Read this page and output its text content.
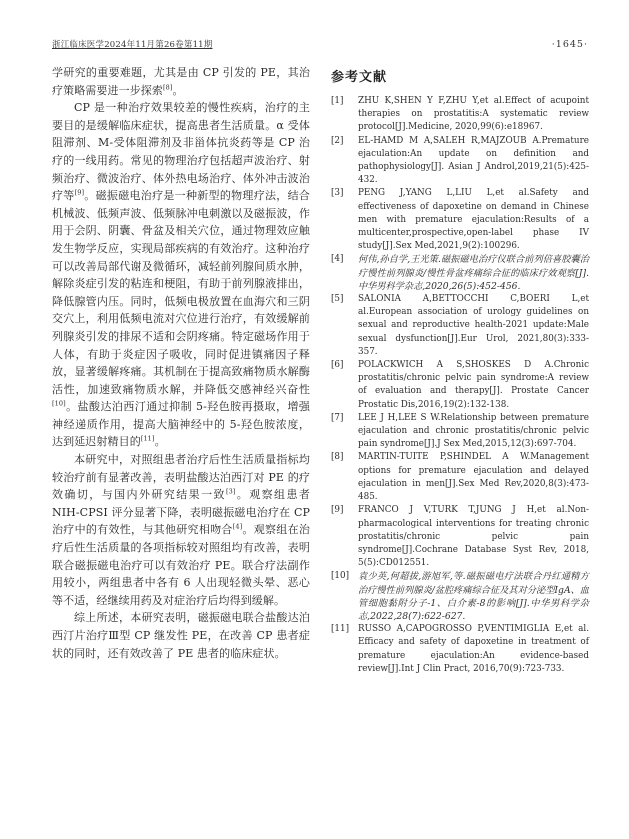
浙江临床医学2024年11月第26卷第11期	·1645·

学研究的重要难题，尤其是由 CP 引发的 PE，其治疗策略需要进一步探索[8]。

CP 是一种治疗效果较差的慢性疾病，治疗的主要目的是缓解临床症状，提高患者生活质量。α 受体阻滞剂、M-受体阻滞剂及非甾体抗炎药等是 CP 治疗的一线用药。常见的物理治疗包括超声波治疗、射频治疗、微波治疗、体外热电场治疗、体外冲击波治疗等[9]。磁振磁电治疗是一种新型的物理疗法，结合机械波、低频声波、低频脉冲电刺激以及磁振波，作用于会阴、阴囊、骨盆及相关穴位，通过物理效应触发生物学反应，实现局部疾病的有效治疗。这种治疗可以改善局部代谢及微循环，减轻前列腺间质水肿，解除炎症引发的粘连和梗阻，有助于前列腺液排出，降低腺管内压。同时，低频电极放置在血海穴和三阴交穴上，利用低频电流对穴位进行治疗，有效缓解前列腺炎引发的排尿不适和会阴疼痛。特定磁场作用于人体，有助于炎症因子吸收，同时促进镇痛因子释放，显著缓解疼痛。其机制在于提高致痛物质水解酶活性，加速致痛物质水解，并降低交感神经兴奋性[10]。盐酸达泊西汀通过抑制 5-羟色胺再摄取，增强神经递质作用，提高大脑神经中的 5-羟色胺浓度，达到延迟射精目的[11]。

本研究中，对照组患者治疗后性生活质量指标均较治疗前有显著改善，表明盐酸达泊西汀对 PE 的疗效确切，与国内外研究结果一致[3]。观察组患者 NIH-CPSI 评分显著下降，表明磁振磁电治疗在 CP 治疗中的有效性，与其他研究相吻合[4]。观察组在治疗后性生活质量的各项指标较对照组均有改善，表明联合磁振磁电治疗可以有效治疗 PE。联合疗法副作用较小，两组患者中各有 6 人出现轻微头晕、恶心等不适，经继续用药及对症治疗后均得到缓解。

综上所述，本研究表明，磁振磁电联合盐酸达泊西汀片治疗Ⅲ型 CP 继发性 PE，在改善 CP 患者症状的同时，还有效改善了 PE 患者的临床症状。

参考文献
[1]	ZHU K,SHEN Y F,ZHU Y,et al.Effect of acupoint therapies on prostatitis:A systematic review protocol[J].Medicine, 2020,99(6):e18967.
[2]	EL-HAMD M A,SALEH R,MAJZOUB A.Premature ejaculation:An update on definition and pathophysiology[J]. Asian J Androl,2019,21(5):425-432.
[3]	PENG J,YANG L,LIU L,et al.Safety and effectiveness of dapoxetine on demand in Chinese men with premature ejaculation:Results of a multicenter,prospective,open-label phase IV study[J].Sex Med,2021,9(2):100296.
[4]	何伟,孙自学,王光策.磁振磁电治疗仪联合前列倍喜胶囊治疗慢性前列腺炎/慢性骨盆疼痛综合征的临床疗效观察[J].中华男科学杂志,2020,26(5):452-456.
[5]	SALONIA A,BETTOCCHI C,BOERI L,et al.European association of urology guidelines on sexual and reproductive health-2021 update:Male sexual dysfunction[J].Eur Urol, 2021,80(3):333-357.
[6]	POLACKWICH A S,SHOSKES D A.Chronic prostatitis/chronic pelvic pain syndrome:A review of evaluation and therapy[J]. Prostate Cancer Prostatic Dis,2016,19(2):132-138.
[7]	LEE J H,LEE S W.Relationship between premature ejaculation and chronic prostatitis/chronic pelvic pain syndrome[J].J Sex Med,2015,12(3):697-704.
[8]	MARTIN-TUITE P,SHINDEL A W.Management options for premature ejaculation and delayed ejaculation in men[J].Sex Med Rev,2020,8(3):473-485.
[9]	FRANCO J V,TURK T,JUNG J H,et al.Non-pharmacological interventions for treating chronic prostatitis/chronic pelvic pain syndrome[J].Cochrane Database Syst Rev, 2018, 5(5):CD012551.
[10] 袁少英,何超拔,游旭军,等.磁振磁电疗法联合丹红通精方治疗慢性前列腺炎/盆腔疼痛综合征及其对分泌型IgA、血管细胞黏附分子-1、白介素-8的影响[J].中华男科学杂志,2022,28(7):622-627.
[11]	RUSSO A,CAPOGROSSO P,VENTIMIGLIA E,et al. Efficacy and safety of dapoxetine in treatment of premature ejaculation:An evidence-based review[J].Int J Clin Pract, 2016,70(9):723-733.
